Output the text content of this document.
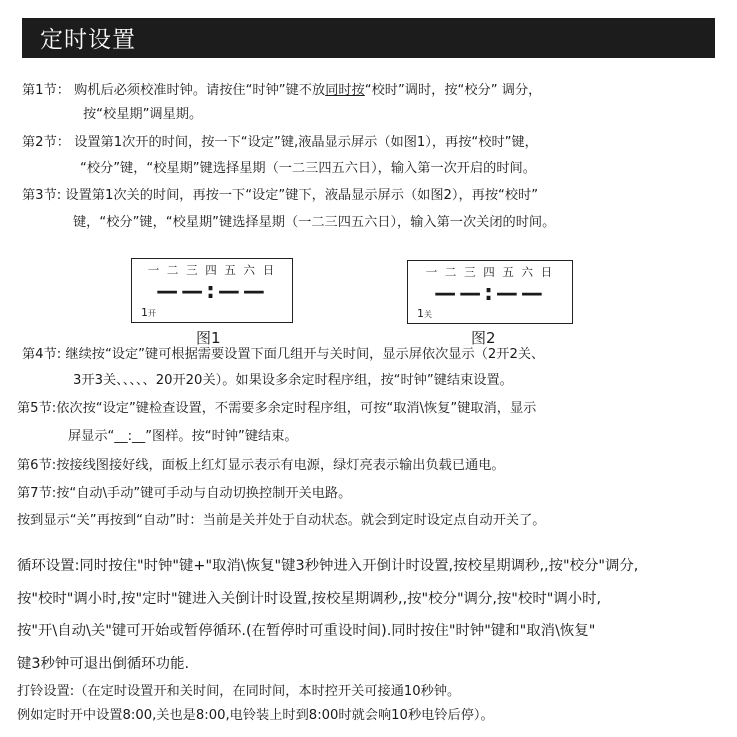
定时设置
第1节： 购机后必须校准时钟。请按住“时钟”键不放同时按“校时”调时，按“校分” 调分，
按“校星期”调星期。
第2节： 设置第1次开的时间，按一下“设定”键,液晶显示屏示（如图1），再按“校时”键，
“校分”键，“校星期”键选择星期（一二三四五六日），输入第一次开启的时间。
第3节: 设置第1次关的时间，再按一下“设定”键下，液晶显示屏示（如图2），再按“校时”
键，“校分”键，“校星期”键选择星期（一二三四五六日），输入第一次关闭的时间。
一 二 三 四 五 六 日
——:——
1开
图1
一 二 三 四 五 六 日
——:——
1关
图2
第4节: 继续按“设定”键可根据需要设置下面几组开与关时间，显示屏依次显示（2开2关、
3开3关、、、、、20开20关）。如果设多余定时程序组，按“时钟”键结束设置。
第5节:依次按“设定”键检查设置，不需要多余定时程序组，可按“取消\恢复”键取消，显示
屏显示“__:__”图样。按“时钟”键结束。
第6节:按接线图接好线，面板上红灯显示表示有电源，绿灯亮表示输出负载已通电。
第7节:按“自动\手动”键可手动与自动切换控制开关电路。
按到显示“关”再按到“自动”时：当前是关并处于自动状态。就会到定时设定点自动开关了。
循环设置:同时按住"时钟"键+"取消\恢复"键3秒钟进入开倒计时设置,按校星期调秒,,按"校分"调分,
按"校时"调小时,按"定时"键进入关倒计时设置,按校星期调秒,,按"校分"调分,按"校时"调小时,
按"开\自动\关"键可开始或暂停循环.(在暂停时可重设时间).同时按住"时钟"键和"取消\恢复"
键3秒钟可退出倒循环功能.
打铃设置:（在定时设置开和关时间，在同时间，本时控开关可接通10秒钟。
例如定时开中设置8:00,关也是8:00,电铃装上时到8:00时就会响10秒电铃后停）。
